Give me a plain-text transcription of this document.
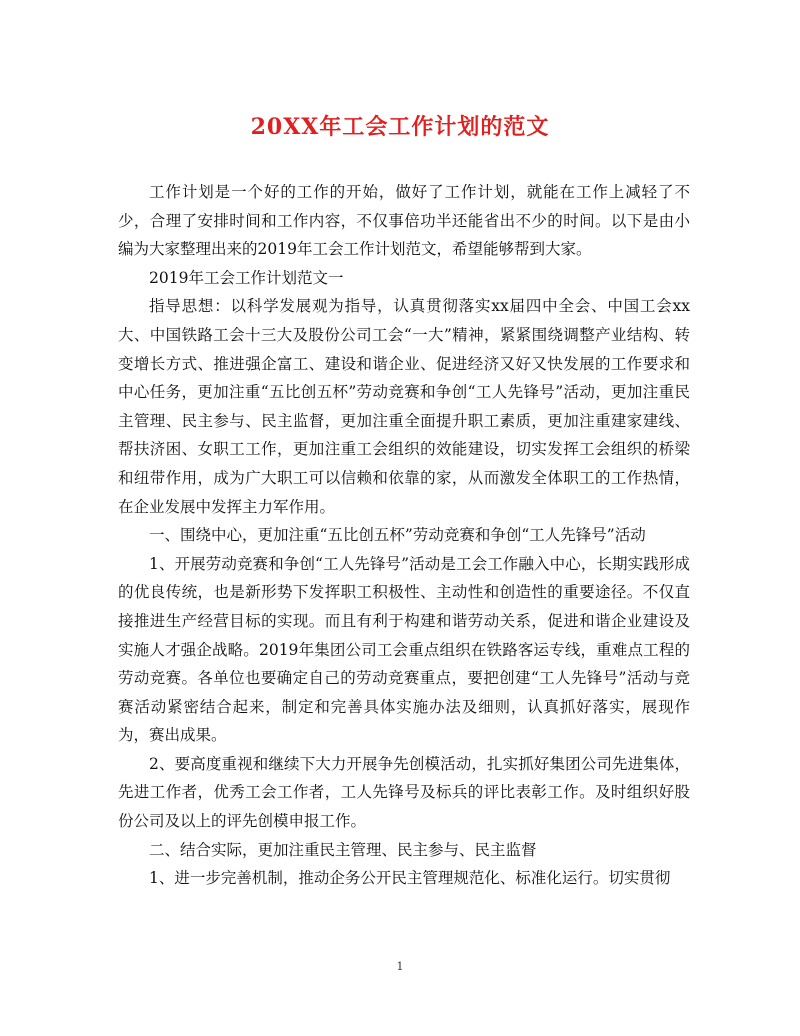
20XX年工会工作计划的范文

工作计划是一个好的工作的开始，做好了工作计划，就能在工作上减轻了不少，合理了安排时间和工作内容，不仅事倍功半还能省出不少的时间。以下是由小编为大家整理出来的2019年工会工作计划范文，希望能够帮到大家。

2019年工会工作计划范文一

指导思想：以科学发展观为指导，认真贯彻落实xx届四中全会、中国工会xx大、中国铁路工会十三大及股份公司工会“一大”精神，紧紧围绕调整产业结构、转变增长方式、推进强企富工、建设和谐企业、促进经济又好又快发展的工作要求和中心任务，更加注重“五比创五杯”劳动竞赛和争创“工人先锋号”活动，更加注重民主管理、民主参与、民主监督，更加注重全面提升职工素质，更加注重建家建线、帮扶济困、女职工工作，更加注重工会组织的效能建设，切实发挥工会组织的桥梁和纽带作用，成为广大职工可以信赖和依靠的家，从而激发全体职工的工作热情，在企业发展中发挥主力军作用。

一、围绕中心，更加注重“五比创五杯”劳动竞赛和争创“工人先锋号”活动

1、开展劳动竞赛和争创“工人先锋号”活动是工会工作融入中心，长期实践形成的优良传统，也是新形势下发挥职工积极性、主动性和创造性的重要途径。不仅直接推进生产经营目标的实现。而且有利于构建和谐劳动关系，促进和谐企业建设及实施人才强企战略。2019年集团公司工会重点组织在铁路客运专线，重难点工程的劳动竞赛。各单位也要确定自己的劳动竞赛重点，要把创建“工人先锋号”活动与竞赛活动紧密结合起来，制定和完善具体实施办法及细则，认真抓好落实，展现作为，赛出成果。

2、要高度重视和继续下大力开展争先创模活动，扎实抓好集团公司先进集体，先进工作者，优秀工会工作者，工人先锋号及标兵的评比表彰工作。及时组织好股份公司及以上的评先创模申报工作。

二、结合实际，更加注重民主管理、民主参与、民主监督

1、进一步完善机制，推动企务公开民主管理规范化、标准化运行。切实贯彻

1
